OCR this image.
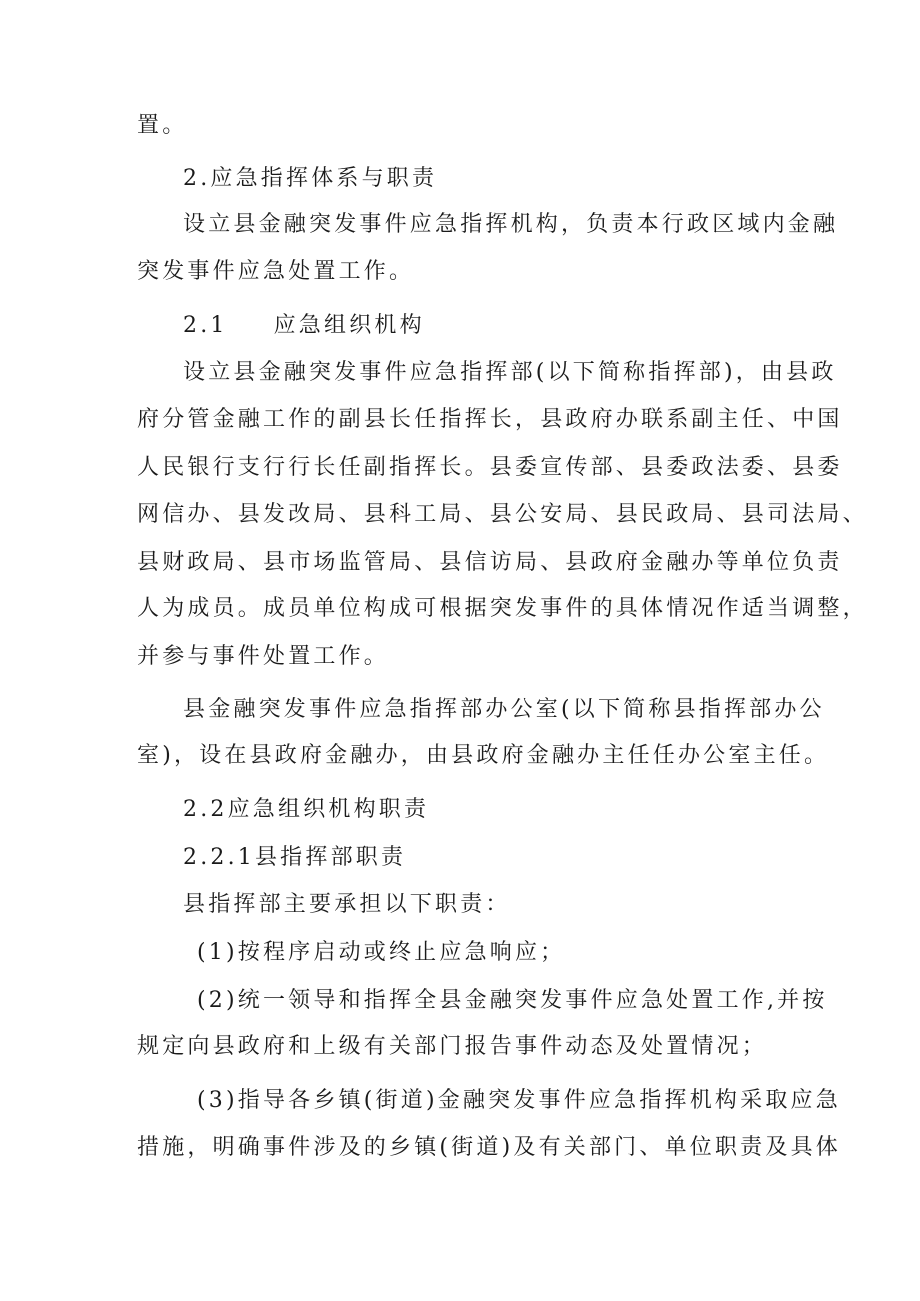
置。
2.应急指挥体系与职责
设立县金融突发事件应急指挥机构，负责本行政区域内金融
突发事件应急处置工作。
2.1 应急组织机构
设立县金融突发事件应急指挥部(以下简称指挥部)，由县政
府分管金融工作的副县长任指挥长，县政府办联系副主任、中国
人民银行支行行长任副指挥长。县委宣传部、县委政法委、县委
网信办、县发改局、县科工局、县公安局、县民政局、县司法局、
县财政局、县市场监管局、县信访局、县政府金融办等单位负责
人为成员。成员单位构成可根据突发事件的具体情况作适当调整，
并参与事件处置工作。
县金融突发事件应急指挥部办公室(以下简称县指挥部办公
室)，设在县政府金融办，由县政府金融办主任任办公室主任。
2.2应急组织机构职责
2.2.1县指挥部职责
县指挥部主要承担以下职责：
(1)按程序启动或终止应急响应；
(2)统一领导和指挥全县金融突发事件应急处置工作,并按
规定向县政府和上级有关部门报告事件动态及处置情况；
(3)指导各乡镇(街道)金融突发事件应急指挥机构采取应急
措施，明确事件涉及的乡镇(街道)及有关部门、单位职责及具体
